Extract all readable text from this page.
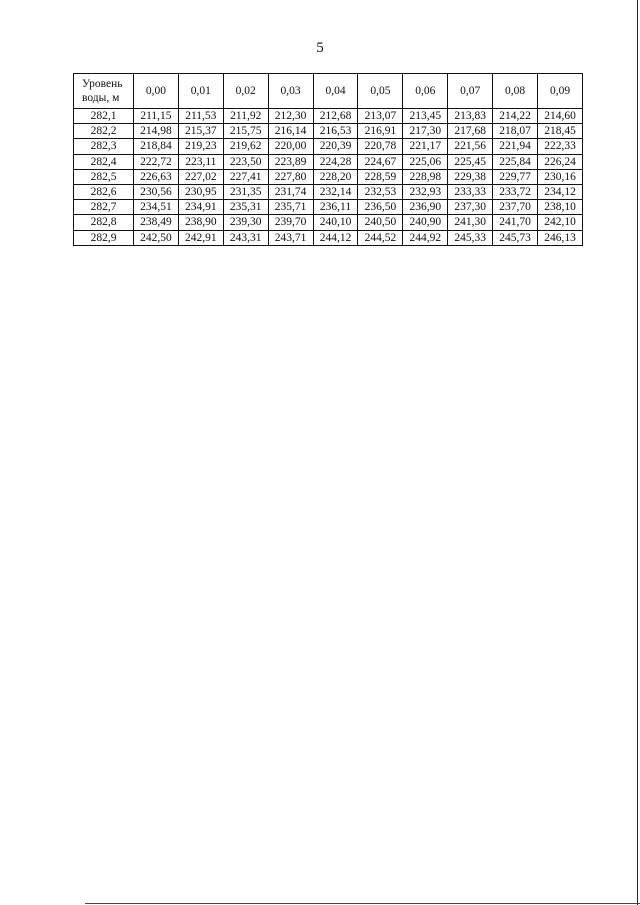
5
Уровень
воды, м	0,00	0,01	0,02	0,03	0,04	0,05	0,06	0,07	0,08	0,09
282,1	211,15	211,53	211,92	212,30	212,68	213,07	213,45	213,83	214,22	214,60
282,2	214,98	215,37	215,75	216,14	216,53	216,91	217,30	217,68	218,07	218,45
282,3	218,84	219,23	219,62	220,00	220,39	220,78	221,17	221,56	221,94	222,33
282,4	222,72	223,11	223,50	223,89	224,28	224,67	225,06	225,45	225,84	226,24
282,5	226,63	227,02	227,41	227,80	228,20	228,59	228,98	229,38	229,77	230,16
282,6	230,56	230,95	231,35	231,74	232,14	232,53	232,93	233,33	233,72	234,12
282,7	234,51	234,91	235,31	235,71	236,11	236,50	236,90	237,30	237,70	238,10
282,8	238,49	238,90	239,30	239,70	240,10	240,50	240,90	241,30	241,70	242,10
282,9	242,50	242,91	243,31	243,71	244,12	244,52	244,92	245,33	245,73	246,13
